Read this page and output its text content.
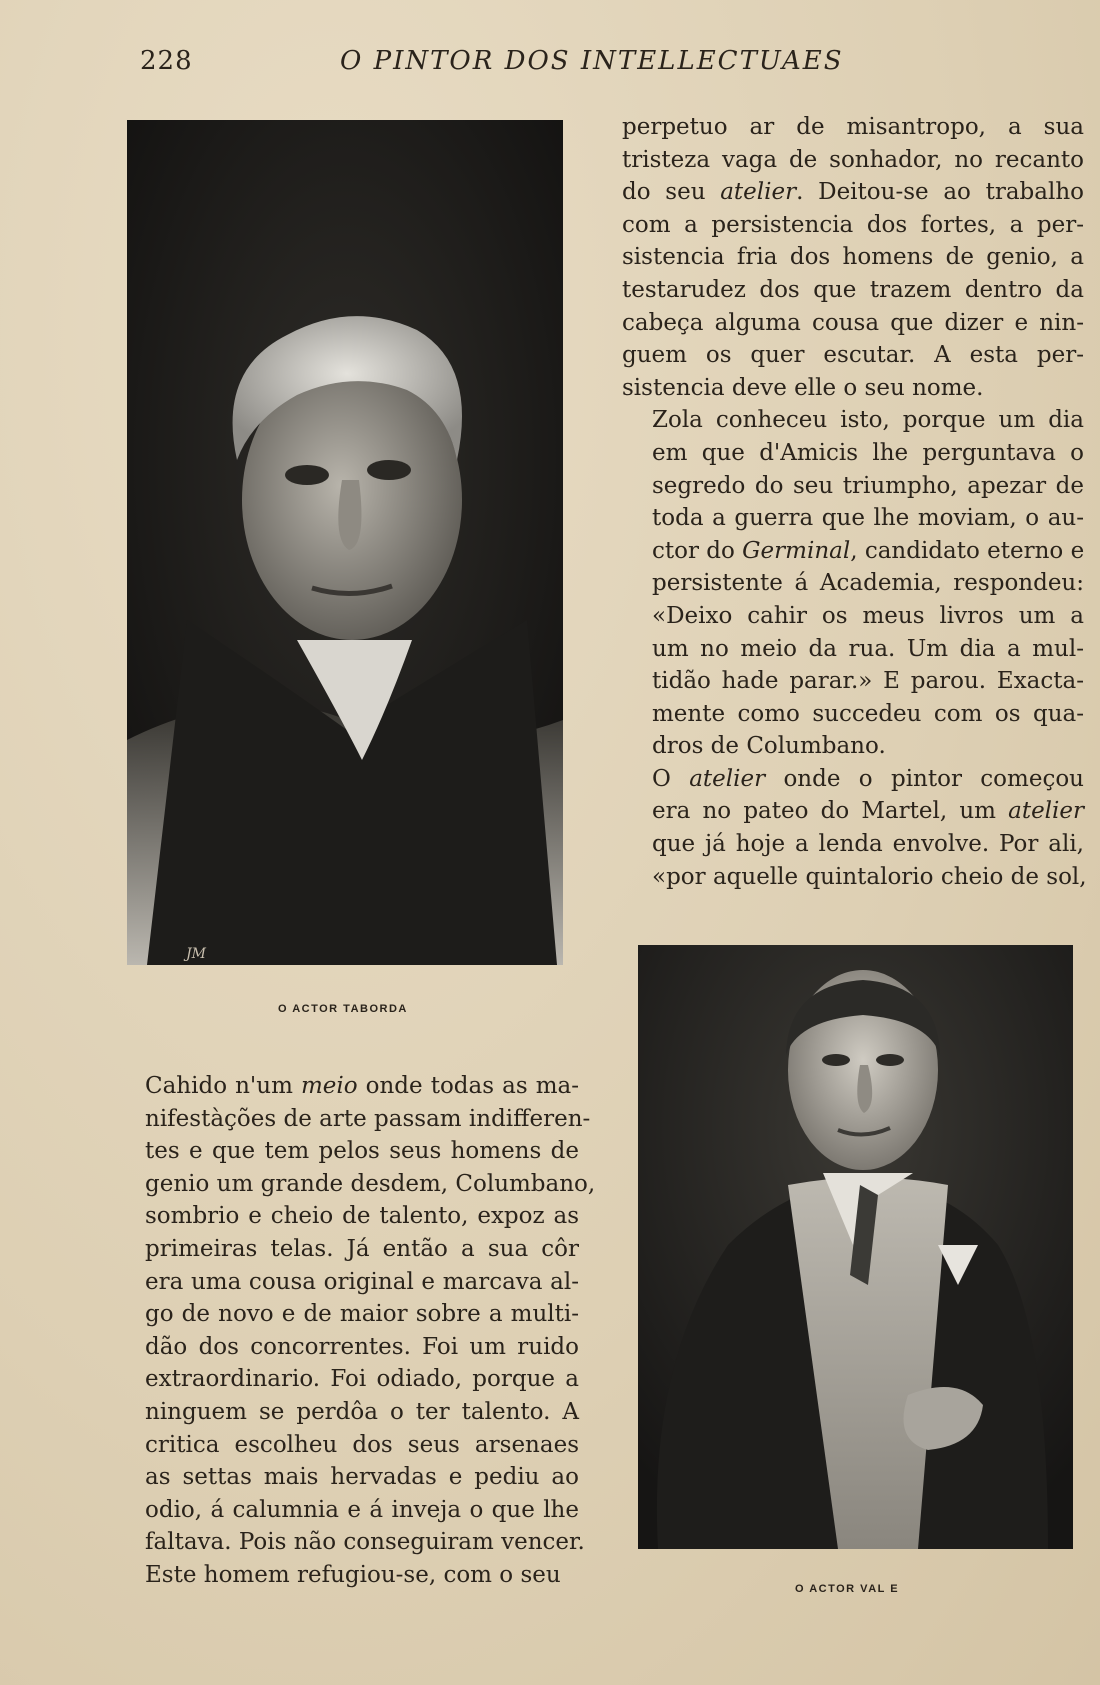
228	O PINTOR DOS INTELLECTUAES
JM
O ACTOR TABORDA
O ACTOR VAL E

perpetuo ar de misantropo, a sua
tristeza vaga de sonhador, no recanto
do seu atelier. Deitou-se ao trabalho
com a persistencia dos fortes, a per-
sistencia fria dos homens de genio, a
testarudez dos que trazem dentro da
cabeça alguma cousa que dizer e nin-
guem os quer escutar. A esta per-
sistencia deve elle o seu nome.

Zola conheceu isto, porque um dia
em que d'Amicis lhe perguntava o
segredo do seu triumpho, apezar de
toda a guerra que lhe moviam, o au-
ctor do Germinal, candidato eterno e
persistente á Academia, respondeu:
«Deixo cahir os meus livros um a
um no meio da rua. Um dia a mul-
tidão hade parar.» E parou. Exacta-
mente como succedeu com os qua-
dros de Columbano.

O atelier onde o pintor começou
era no pateo do Martel, um atelier
que já hoje a lenda envolve. Por ali,
«por aquelle quintalorio cheio de sol,

Cahido n'um meio onde todas as ma-
nifestàções de arte passam indifferen-
tes e que tem pelos seus homens de
genio um grande desdem, Columbano,
sombrio e cheio de talento, expoz as
primeiras telas. Já então a sua côr
era uma cousa original e marcava al-
go de novo e de maior sobre a multi-
dão dos concorrentes. Foi um ruido
extraordinario. Foi odiado, porque a
ninguem se perdôa o ter talento. A
critica escolheu dos seus arsenaes
as settas mais hervadas e pediu ao
odio, á calumnia e á inveja o que lhe
faltava. Pois não conseguiram vencer.
Este homem refugiou-se, com o seu
